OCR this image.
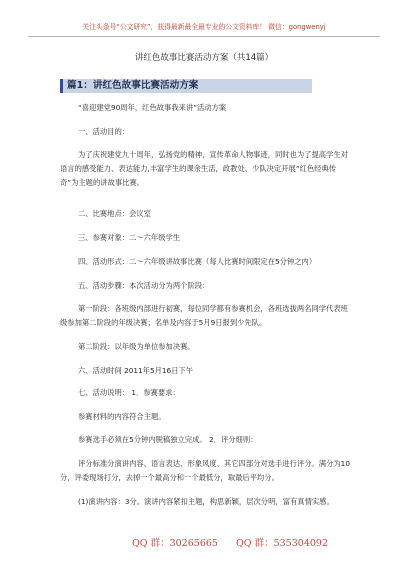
关注头条号“公文研究”，获得最新最全最专业的公文资料库！ 微信：gongwenyj
讲红色故事比赛活动方案（共14篇）
篇1：讲红色故事比赛活动方案
“喜迎建党90周年，红色故事我来讲”活动方案
一、活动目的：
为了庆祝建党九十周年，弘扬党的精神，宣传革命人物事迹，同时也为了提高学生对语言的感受能力、表达能力,丰富学生的课余生活，政教处、少队决定开展“红色经典传奇”为主题的讲故事比赛。
二、比赛地点：会议室
三、参赛对象：二～六年级学生
四、活动形式：二～六年级讲故事比赛（每人比赛时间限定在5分钟之内）
五、活动步骤：本次活动分为两个阶段：
第一阶段：各班级内部进行初赛，每位同学都有参赛机会，各班选拔两名同学代表班级参加第二阶段的年级决赛；名单及内容于5月9日报到少先队。
第二阶段：以年级为单位参加决赛。
六、活动时间 2011年5月16日下午
七、活动说明： 1．参赛要求：
参赛材料的内容符合主题。
参赛选手必须在5分钟内脱稿独立完成。 2．评分细则：
评分标准分演讲内容、语言表达、形象风度、其它四部分对选手进行评分。满分为10分，评委现场打分，去掉一个最高分和一个最低分，取最后平均分。
(1)演讲内容：3分。演讲内容紧扣主题，构思新颖，层次分明，富有真情实感。
QQ 群：30265665 QQ 群：535304092
